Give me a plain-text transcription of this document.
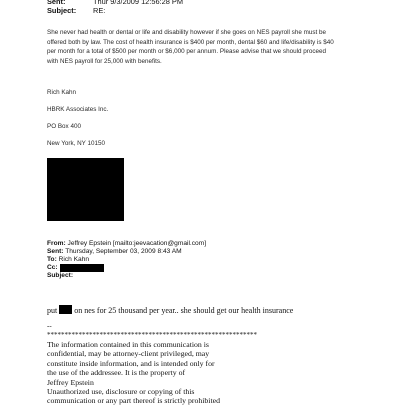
Sent:	Thur 9/3/2009 12:56:28 PM
Subject: RE:
She never had health or dental or life and disability however if she goes on NES payroll she must be
offered both by law. The cost of health insurance is $400 per month, dental $60 and life/disability is $40
per month for a total of $500 per month or $6,000 per annum. Please advise that we should proceed
with NES payroll for 25,000 with benefits.
Rich Kahn
HBRK Associates Inc.
PO Box 400
New York, NY 10150
From: Jeffrey Epstein [mailto:jeevacation@gmail.com]
Sent: Thursday, September 03, 2009 8:43 AM
To: Rich Kahn
Cc:
Subject:
put on nes for 25 thousand per year.. she should get our health insurance
--
************************************************************
The information contained in this communication is
confidential, may be attorney-client privileged, may
constitute inside information, and is intended only for
the use of the addressee. It is the property of
Jeffrey Epstein
Unauthorized use, disclosure or copying of this
communication or any part thereof is strictly prohibited
